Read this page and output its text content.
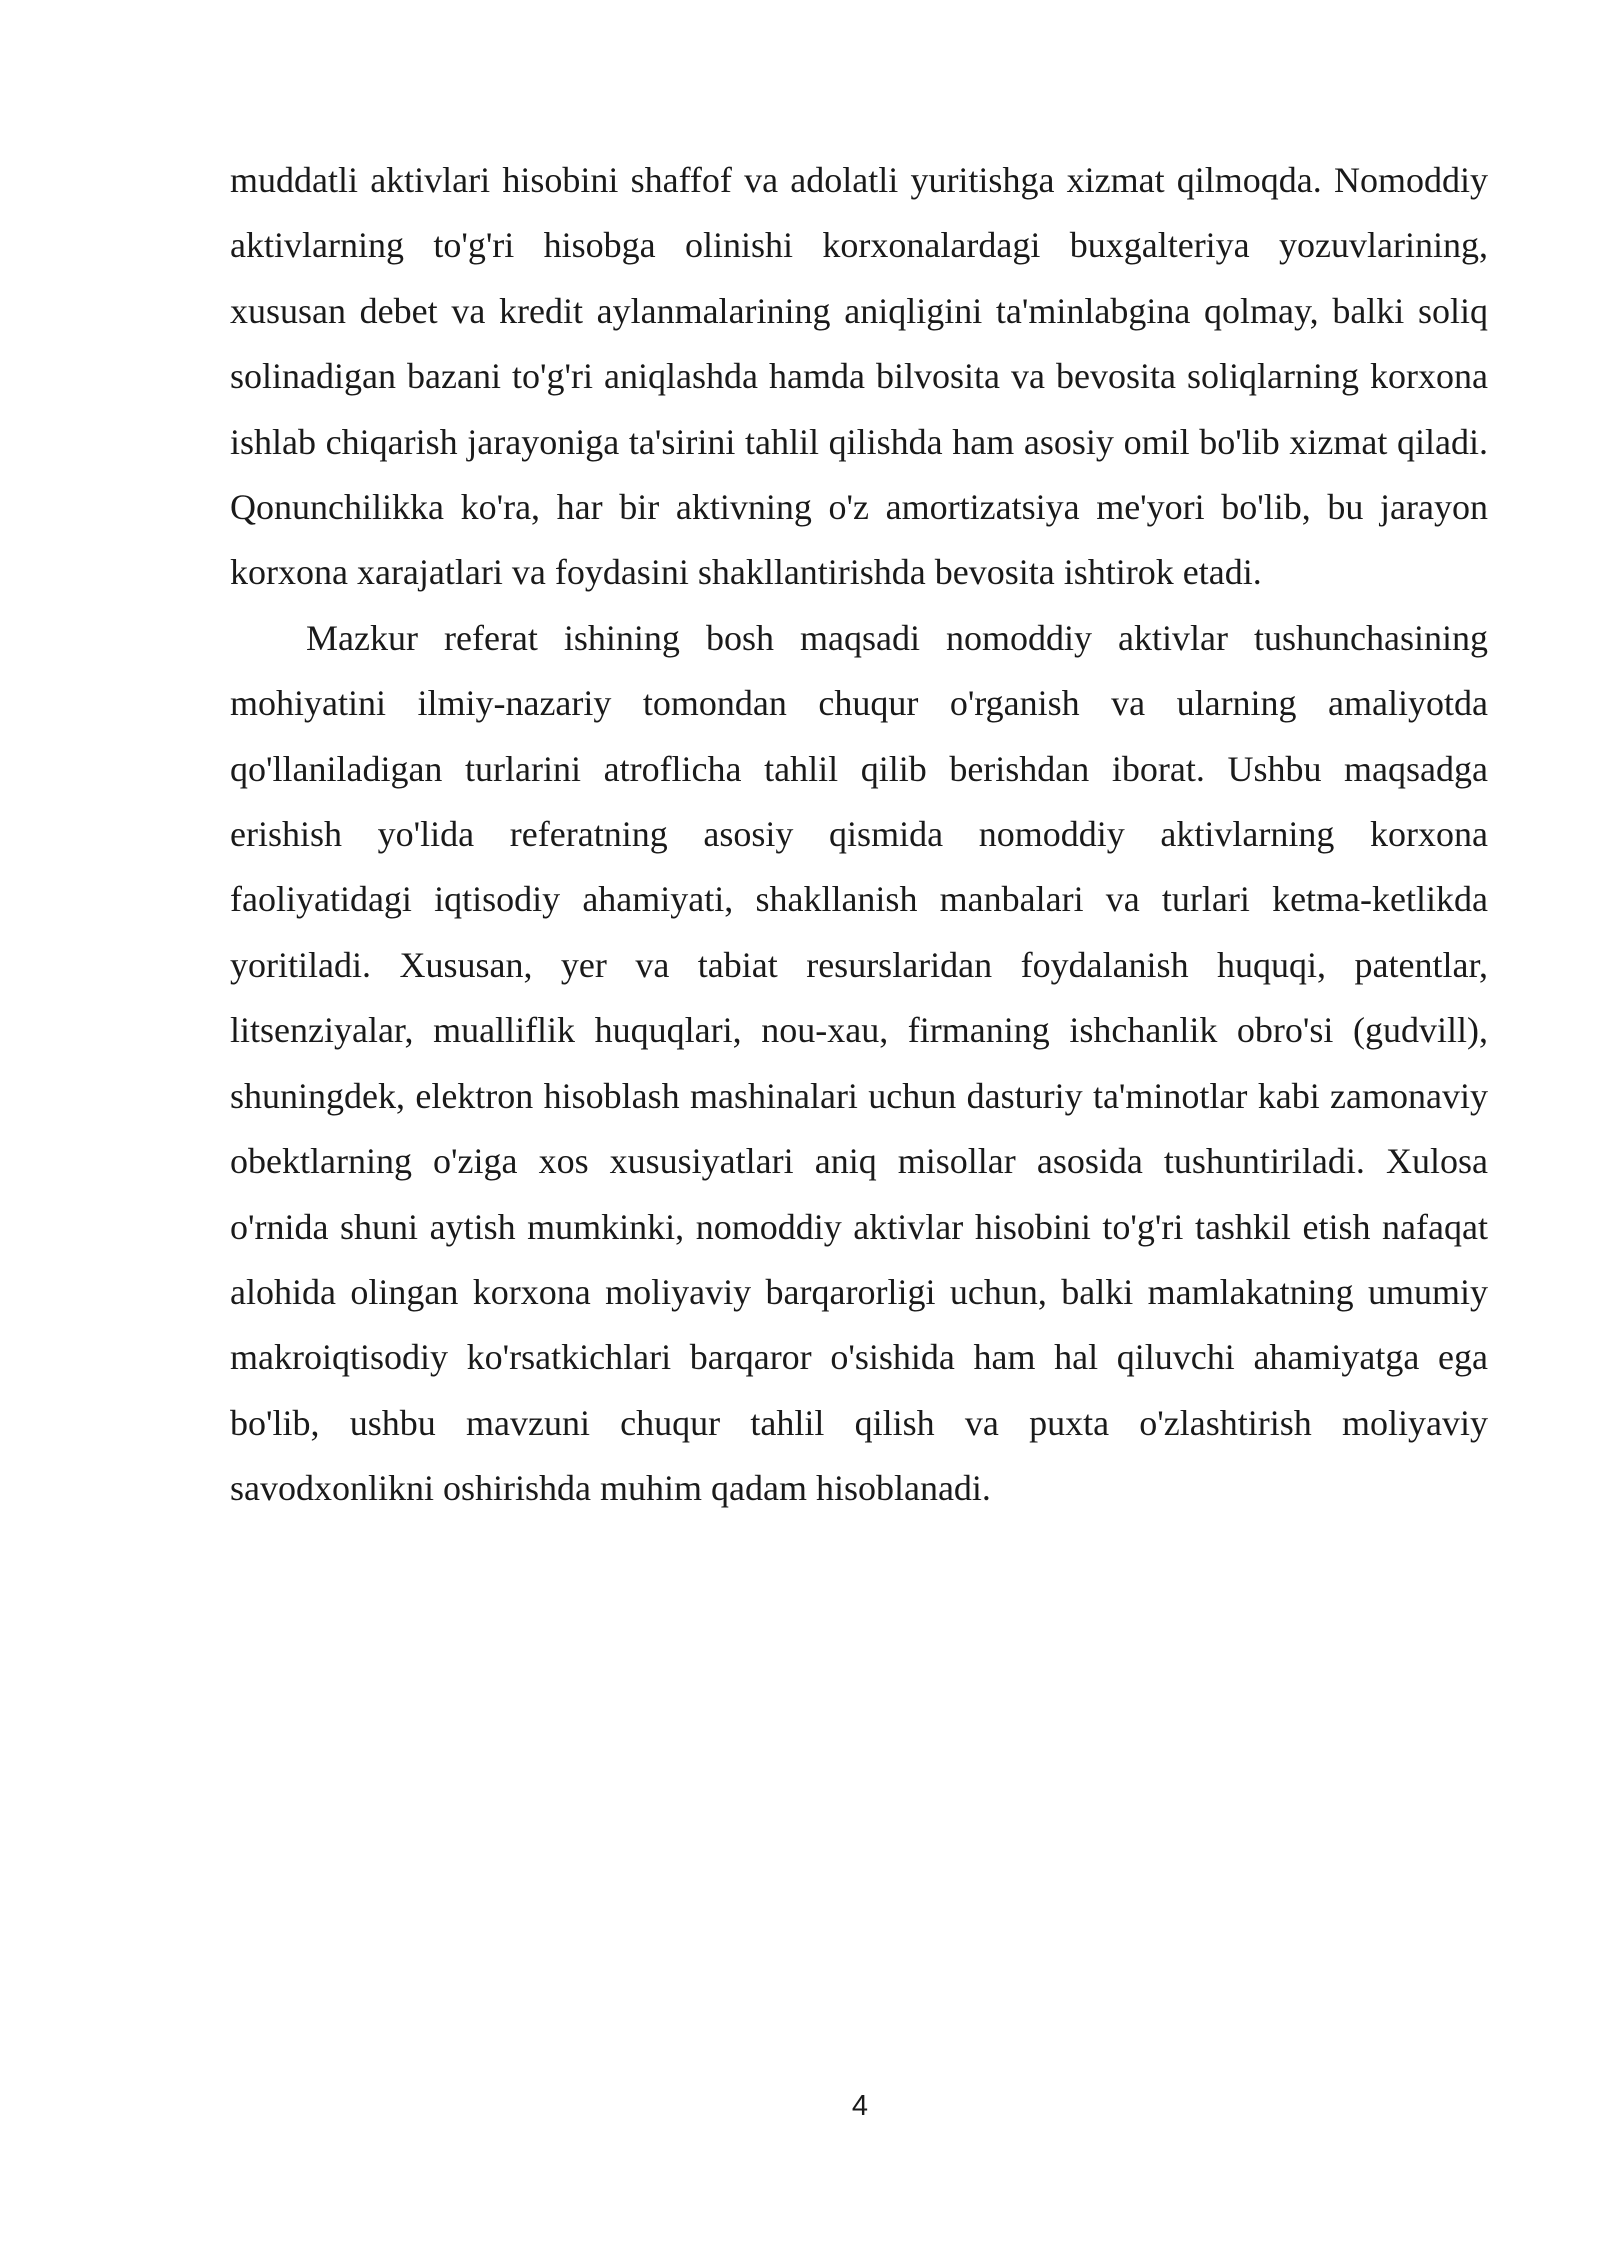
muddatli aktivlari hisobini shaffof va adolatli yuritishga xizmat qilmoqda. Nomoddiy aktivlarning to'g'ri hisobga olinishi korxonalardagi buxgalteriya yozuvlarining, xususan debet va kredit aylanmalarining aniqligini ta'minlabgina qolmay, balki soliq solinadigan bazani to'g'ri aniqlashda hamda bilvosita va bevosita soliqlarning korxona ishlab chiqarish jarayoniga ta'sirini tahlil qilishda ham asosiy omil bo'lib xizmat qiladi. Qonunchilikka ko'ra, har bir aktivning o'z amortizatsiya me'yori bo'lib, bu jarayon korxona xarajatlari va foydasini shakllantirishda bevosita ishtirok etadi.

Mazkur referat ishining bosh maqsadi nomoddiy aktivlar tushunchasining mohiyatini ilmiy-nazariy tomondan chuqur o'rganish va ularning amaliyotda qo'llaniladigan turlarini atroflicha tahlil qilib berishdan iborat. Ushbu maqsadga erishish yo'lida referatning asosiy qismida nomoddiy aktivlarning korxona faoliyatidagi iqtisodiy ahamiyati, shakllanish manbalari va turlari ketma-ketlikda yoritiladi. Xususan, yer va tabiat resurslaridan foydalanish huquqi, patentlar, litsenziyalar, mualliflik huquqlari, nou-xau, firmaning ishchanlik obro'si (gudvill), shuningdek, elektron hisoblash mashinalari uchun dasturiy ta'minotlar kabi zamonaviy obektlarning o'ziga xos xususiyatlari aniq misollar asosida tushuntiriladi. Xulosa o'rnida shuni aytish mumkinki, nomoddiy aktivlar hisobini to'g'ri tashkil etish nafaqat alohida olingan korxona moliyaviy barqarorligi uchun, balki mamlakatning umumiy makroiqtisodiy ko'rsatkichlari barqaror o'sishida ham hal qiluvchi ahamiyatga ega bo'lib, ushbu mavzuni chuqur tahlil qilish va puxta o'zlashtirish moliyaviy savodxonlikni oshirishda muhim qadam hisoblanadi.

4
